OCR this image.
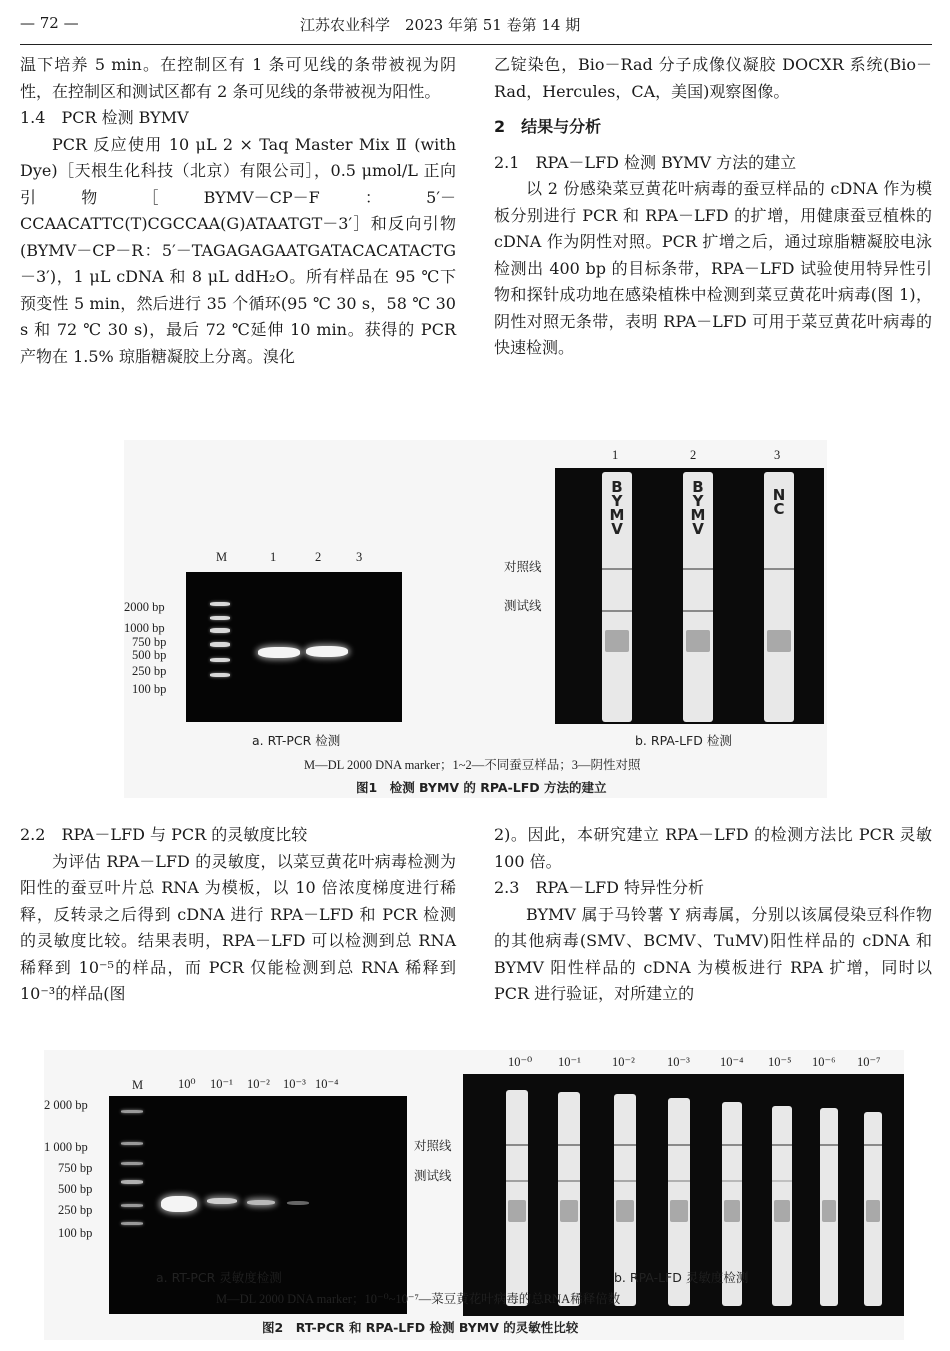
— 72 —	江苏农业科学　2023 年第 51 卷第 14 期

温下培养 5 min。在控制区有 1 条可见线的条带被视为阴性，在控制区和测试区都有 2 条可见线的条带被视为阳性。

1.4　PCR 检测 BYMV

PCR 反应使用 10 μL 2 × Taq Master Mix Ⅱ (with Dye)［天根生化科技（北京）有限公司］，0.5 μmol/L 正向引物［BYMV－CP－F：5′－CCAACATTC(T)CGCCAA(G)ATAATGT－3′］和反向引物(BYMV－CP－R：5′－TAGAGAGAATGATACACATACTG－3′)，1 μL cDNA 和 8 μL ddH₂O。所有样品在 95 ℃下预变性 5 min，然后进行 35 个循环(95 ℃ 30 s，58 ℃ 30 s 和 72 ℃ 30 s)，最后 72 ℃延伸 10 min。获得的 PCR 产物在 1.5% 琼脂糖凝胶上分离。溴化

乙锭染色，Bio－Rad 分子成像仪凝胶 DOCXR 系统(Bio－Rad，Hercules，CA，美国)观察图像。

2　结果与分析

2.1　RPA－LFD 检测 BYMV 方法的建立

以 2 份感染菜豆黄花叶病毒的蚕豆样品的 cDNA 作为模板分别进行 PCR 和 RPA－LFD 的扩增，用健康蚕豆植株的 cDNA 作为阴性对照。PCR 扩增之后，通过琼脂糖凝胶电泳检测出 400 bp 的目标条带，RPA－LFD 试验使用特异性引物和探针成功地在感染植株中检测到菜豆黄花叶病毒(图 1)，阴性对照无条带，表明 RPA－LFD 可用于菜豆黄花叶病毒的快速检测。

M	1	2	3
2000 bp
1000 bp
750 bp
500 bp
250 bp
100 bp
1	2	3
B
Y
M
V
B
Y
M
V
N
C
对照线
测试线
a. RT-PCR 检测	b. RPA-LFD 检测
M—DL 2000 DNA marker；1~2—不同蚕豆样品；3—阴性对照
图1　检测 BYMV 的 RPA-LFD 方法的建立

2.2　RPA－LFD 与 PCR 的灵敏度比较

为评估 RPA－LFD 的灵敏度，以菜豆黄花叶病毒检测为阳性的蚕豆叶片总 RNA 为模板，以 10 倍浓度梯度进行稀释，反转录之后得到 cDNA 进行 RPA－LFD 和 PCR 检测的灵敏度比较。结果表明，RPA－LFD 可以检测到总 RNA 稀释到 10⁻⁵的样品，而 PCR 仅能检测到总 RNA 稀释到 10⁻³的样品(图

2)。因此，本研究建立 RPA－LFD 的检测方法比 PCR 灵敏 100 倍。

2.3　RPA－LFD 特异性分析

BYMV 属于马铃薯 Y 病毒属，分别以该属侵染豆科作物的其他病毒(SMV、BCMV、TuMV)阳性样品的 cDNA 和 BYMV 阳性样品的 cDNA 为模板进行 RPA 扩增，同时以 PCR 进行验证，对所建立的

M	10⁰ 10⁻¹ 10⁻² 10⁻³ 10⁻⁴
2 000 bp
1 000 bp
750 bp
500 bp
250 bp
100 bp
10⁻⁰ 10⁻¹ 10⁻²	10⁻³ 10⁻⁴ 10⁻⁵ 10⁻⁶ 10⁻⁷
对照线
测试线
a. RT-PCR 灵敏度检测	b. RPA-LFD 灵敏度检测
M—DL 2000 DNA marker；10⁻⁰~10⁻⁷—菜豆黄花叶病毒的总RNA稀释倍数
图2　RT-PCR 和 RPA-LFD 检测 BYMV 的灵敏性比较
